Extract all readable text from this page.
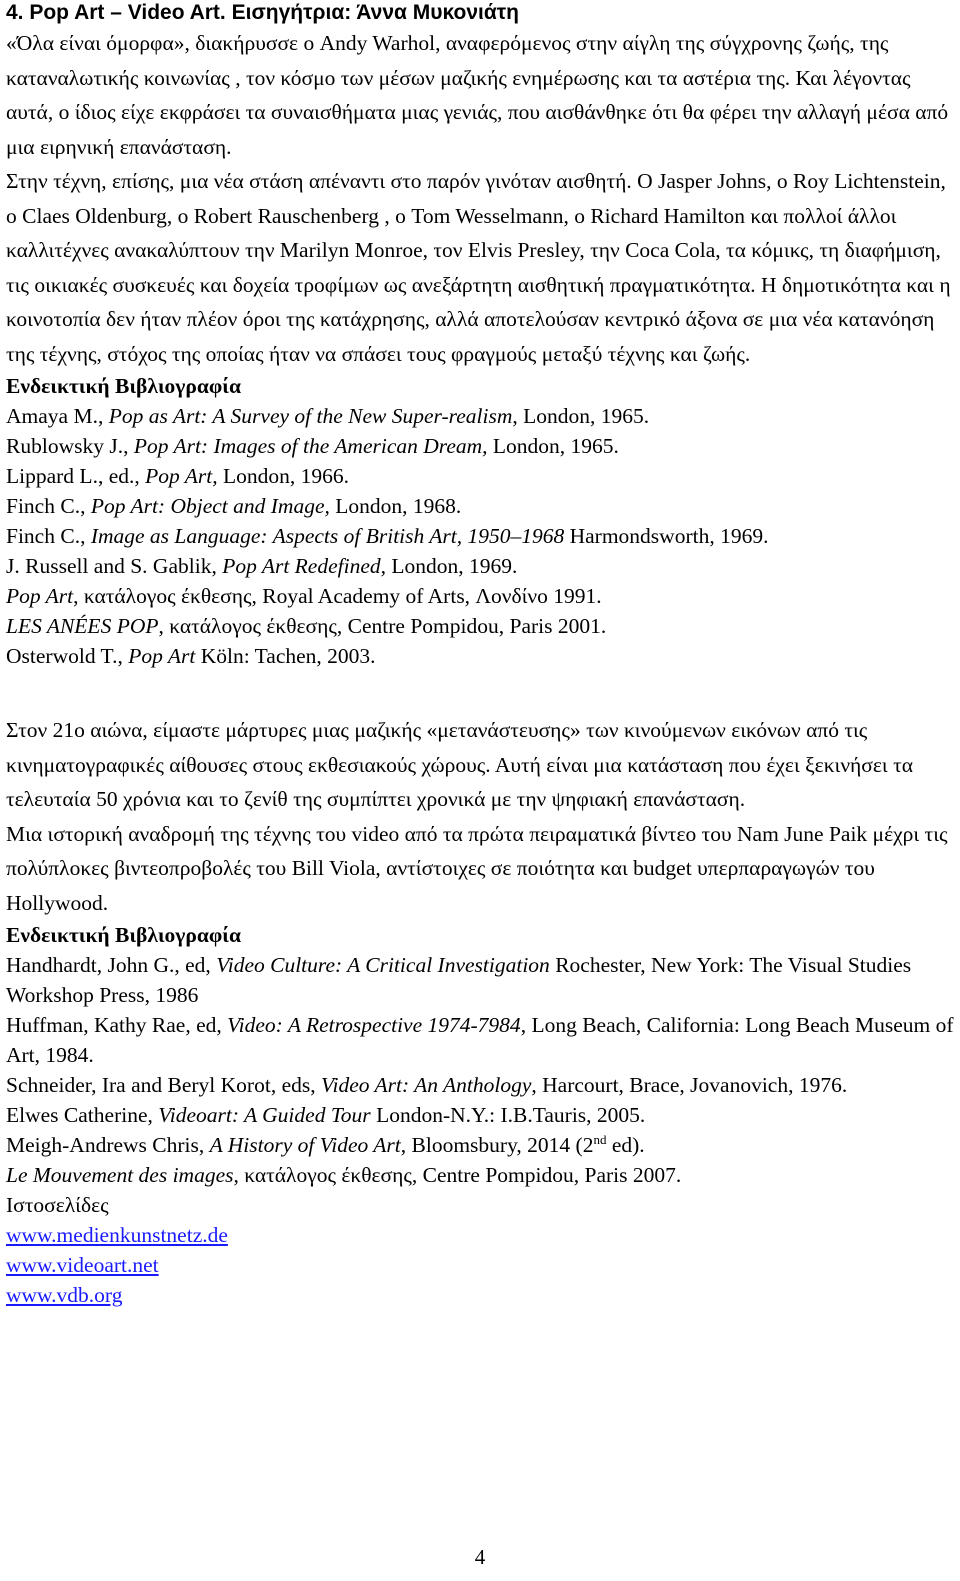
4. Pop Art – Video Art. Εισηγήτρια: Άννα Μυκονιάτη

«Όλα είναι όμορφα», διακήρυσσε ο Andy Warhol, αναφερόμενος στην αίγλη της σύγχρονης ζωής, της καταναλωτικής κοινωνίας , τον κόσμο των μέσων μαζικής ενημέρωσης και τα αστέρια της. Και λέγοντας αυτά, ο ίδιος είχε εκφράσει τα συναισθήματα μιας γενιάς, που αισθάνθηκε ότι θα φέρει την αλλαγή μέσα από μια ειρηνική επανάσταση.

Στην τέχνη, επίσης, μια νέα στάση απέναντι στο παρόν γινόταν αισθητή. Ο Jasper Johns, ο Roy Lichtenstein, ο Claes Oldenburg, ο Robert Rauschenberg , ο Tom Wesselmann, ο Richard Hamilton και πολλοί άλλοι καλλιτέχνες ανακαλύπτουν την Marilyn Monroe, τον Elvis Presley, την Coca Cola, τα κόμικς, τη διαφήμιση, τις οικιακές συσκευές και δοχεία τροφίμων ως ανεξάρτητη αισθητική πραγματικότητα. Η δημοτικότητα και η κοινοτοπία δεν ήταν πλέον όροι της κατάχρησης, αλλά αποτελούσαν κεντρικό άξονα σε μια νέα κατανόηση της τέχνης, στόχος της οποίας ήταν να σπάσει τους φραγμούς μεταξύ τέχνης και ζωής.

Ενδεικτική Βιβλιογραφία

Amaya M., Pop as Art: A Survey of the New Super-realism, London, 1965.

Rublowsky J., Pop Art: Images of the American Dream, London, 1965.

Lippard L., ed., Pop Art, London, 1966.

Finch C., Pop Art: Object and Image, London, 1968.

Finch C., Image as Language: Aspects of British Art, 1950–1968 Harmondsworth, 1969.

J. Russell and S. Gablik, Pop Art Redefined, London, 1969.

Pop Art, κατάλογος έκθεσης, Royal Academy of Arts, Λονδίνο 1991.

LES ANÉES POP, κατάλογος έκθεσης, Centre Pompidou, Paris 2001.

Osterwold T., Pop Art Köln: Tachen, 2003.

Στον 21ο αιώνα, είμαστε μάρτυρες μιας μαζικής «μετανάστευσης» των κινούμενων εικόνων από τις κινηματογραφικές αίθουσες στους εκθεσιακούς χώρους. Αυτή είναι μια κατάσταση που έχει ξεκινήσει τα τελευταία 50 χρόνια και το ζενίθ της συμπίπτει χρονικά με την ψηφιακή επανάσταση.

Μια ιστορική αναδρομή της τέχνης του video από τα πρώτα πειραματικά βίντεο του Nam June Paik μέχρι τις πολύπλοκες βιντεοπροβολές του Bill Viola, αντίστοιχες σε ποιότητα και budget υπερπαραγωγών του Hollywood.

Ενδεικτική Βιβλιογραφία

Handhardt, John G., ed, Video Culture: A Critical Investigation Rochester, New York: The Visual Studies Workshop Press, 1986

Huffman, Kathy Rae, ed, Video: A Retrospective 1974-7984, Long Beach, California: Long Beach Museum of Art, 1984.

Schneider, Ira and Beryl Korot, eds, Video Art: An Anthology, Harcourt, Brace, Jovanovich, 1976.

Elwes Catherine, Videoart: A Guided Tour London-N.Y.: I.B.Tauris, 2005.

Meigh-Andrews Chris, A History of Video Art, Bloomsbury, 2014 (2nd ed).

Le Mouvement des images, κατάλογος έκθεσης, Centre Pompidou, Paris 2007.

Ιστοσελίδες

www.medienkunstnetz.de
www.videoart.net
www.vdb.org
4
